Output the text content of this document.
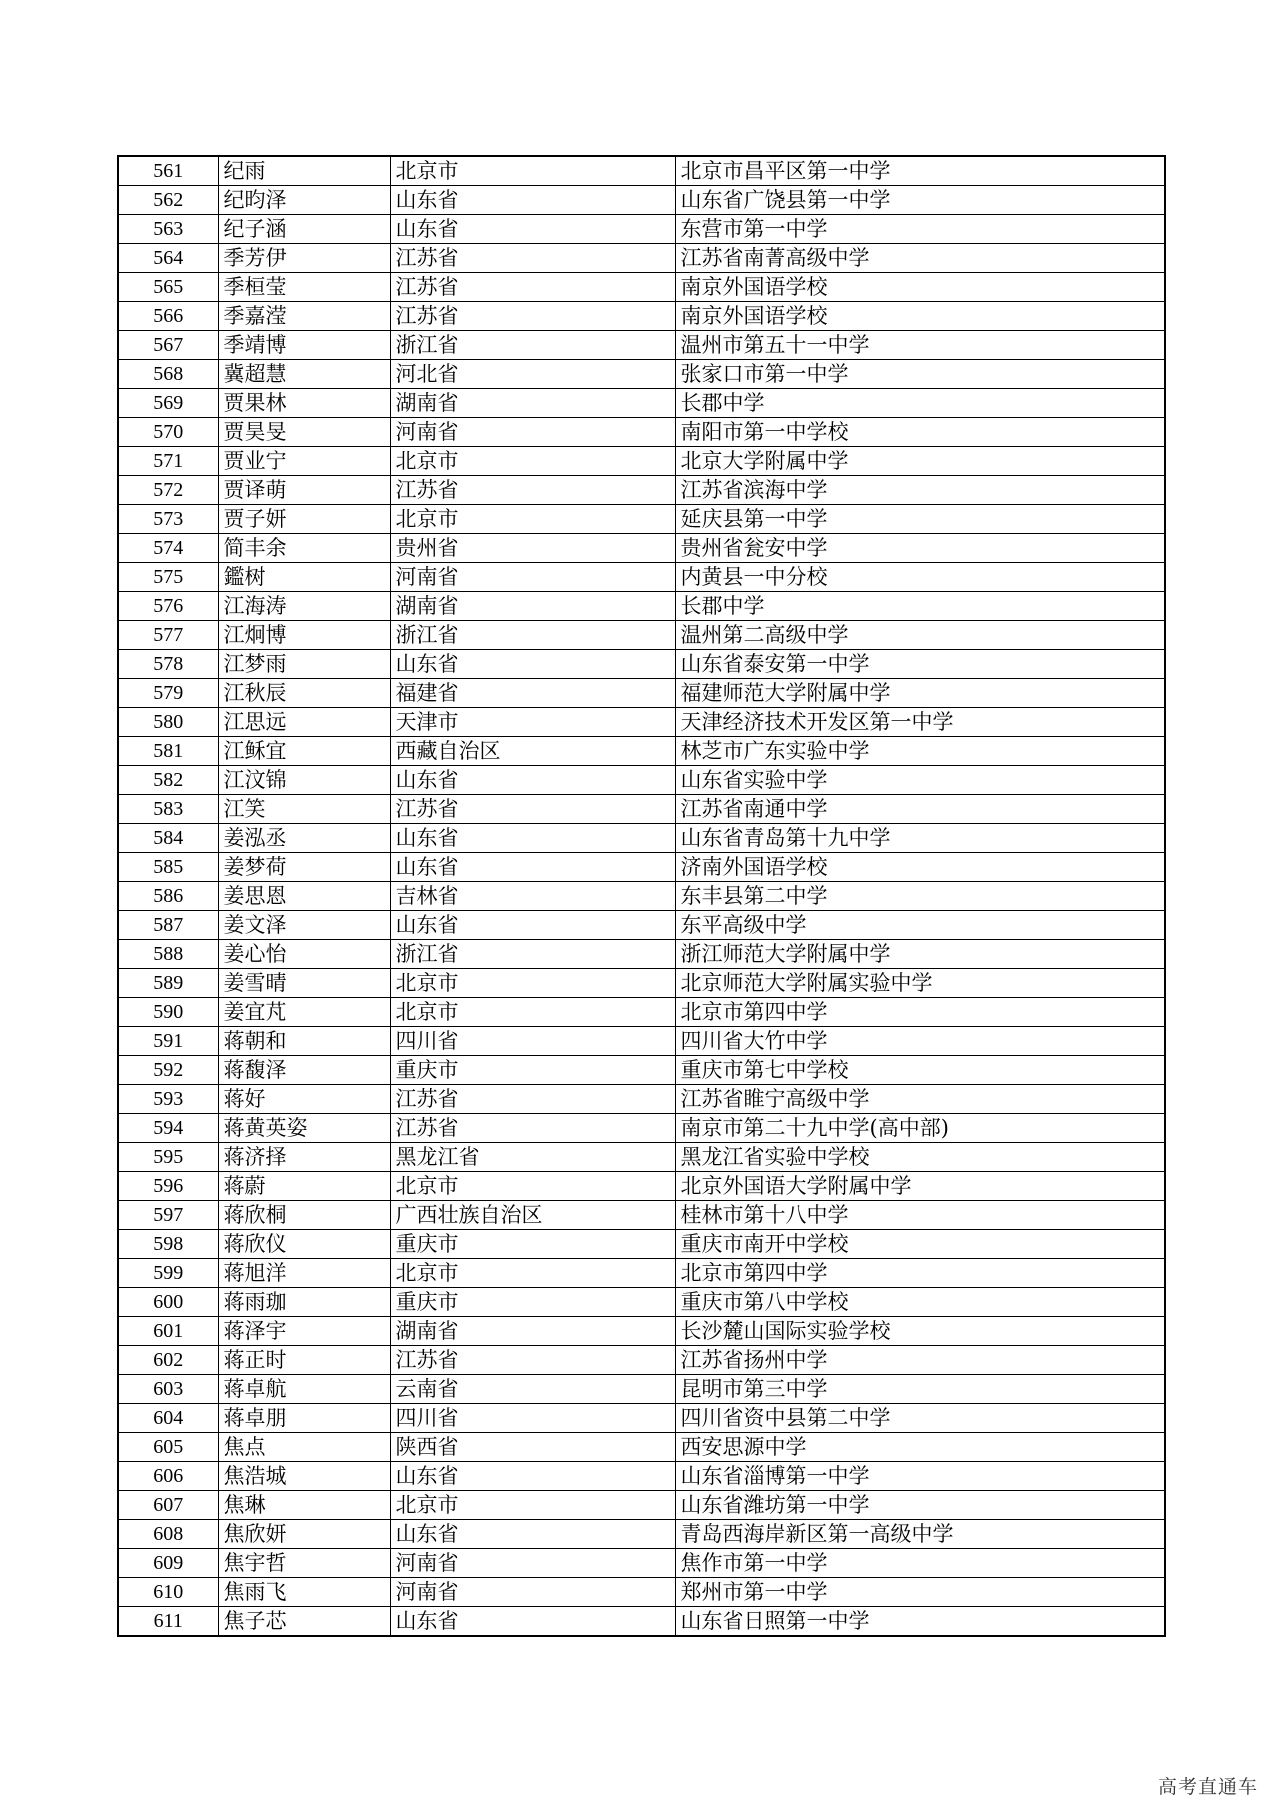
561	纪雨	北京市	北京市昌平区第一中学
562	纪昀泽	山东省	山东省广饶县第一中学
563	纪子涵	山东省	东营市第一中学
564	季芳伊	江苏省	江苏省南菁高级中学
565	季桓莹	江苏省	南京外国语学校
566	季嘉滢	江苏省	南京外国语学校
567	季靖博	浙江省	温州市第五十一中学
568	冀超慧	河北省	张家口市第一中学
569	贾果林	湖南省	长郡中学
570	贾昊旻	河南省	南阳市第一中学校
571	贾业宁	北京市	北京大学附属中学
572	贾译萌	江苏省	江苏省滨海中学
573	贾子妍	北京市	延庆县第一中学
574	简丰余	贵州省	贵州省瓮安中学
575	鑑树	河南省	内黄县一中分校
576	江海涛	湖南省	长郡中学
577	江炯博	浙江省	温州第二高级中学
578	江梦雨	山东省	山东省泰安第一中学
579	江秋辰	福建省	福建师范大学附属中学
580	江思远	天津市	天津经济技术开发区第一中学
581	江稣宜	西藏自治区	林芝市广东实验中学
582	江汶锦	山东省	山东省实验中学
583	江笑	江苏省	江苏省南通中学
584	姜泓丞	山东省	山东省青岛第十九中学
585	姜梦荷	山东省	济南外国语学校
586	姜思恩	吉林省	东丰县第二中学
587	姜文泽	山东省	东平高级中学
588	姜心怡	浙江省	浙江师范大学附属中学
589	姜雪晴	北京市	北京师范大学附属实验中学
590	姜宜芃	北京市	北京市第四中学
591	蒋朝和	四川省	四川省大竹中学
592	蒋馥泽	重庆市	重庆市第七中学校
593	蒋好	江苏省	江苏省睢宁高级中学
594	蒋黄英姿	江苏省	南京市第二十九中学(高中部)
595	蒋济择	黑龙江省	黑龙江省实验中学校
596	蒋蔚	北京市	北京外国语大学附属中学
597	蒋欣桐	广西壮族自治区	桂林市第十八中学
598	蒋欣仪	重庆市	重庆市南开中学校
599	蒋旭洋	北京市	北京市第四中学
600	蒋雨珈	重庆市	重庆市第八中学校
601	蒋泽宇	湖南省	长沙麓山国际实验学校
602	蒋正时	江苏省	江苏省扬州中学
603	蒋卓航	云南省	昆明市第三中学
604	蒋卓朋	四川省	四川省资中县第二中学
605	焦点	陕西省	西安思源中学
606	焦浩城	山东省	山东省淄博第一中学
607	焦琳	北京市	山东省潍坊第一中学
608	焦欣妍	山东省	青岛西海岸新区第一高级中学
609	焦宇哲	河南省	焦作市第一中学
610	焦雨飞	河南省	郑州市第一中学
611	焦子芯	山东省	山东省日照第一中学
高考直通车
